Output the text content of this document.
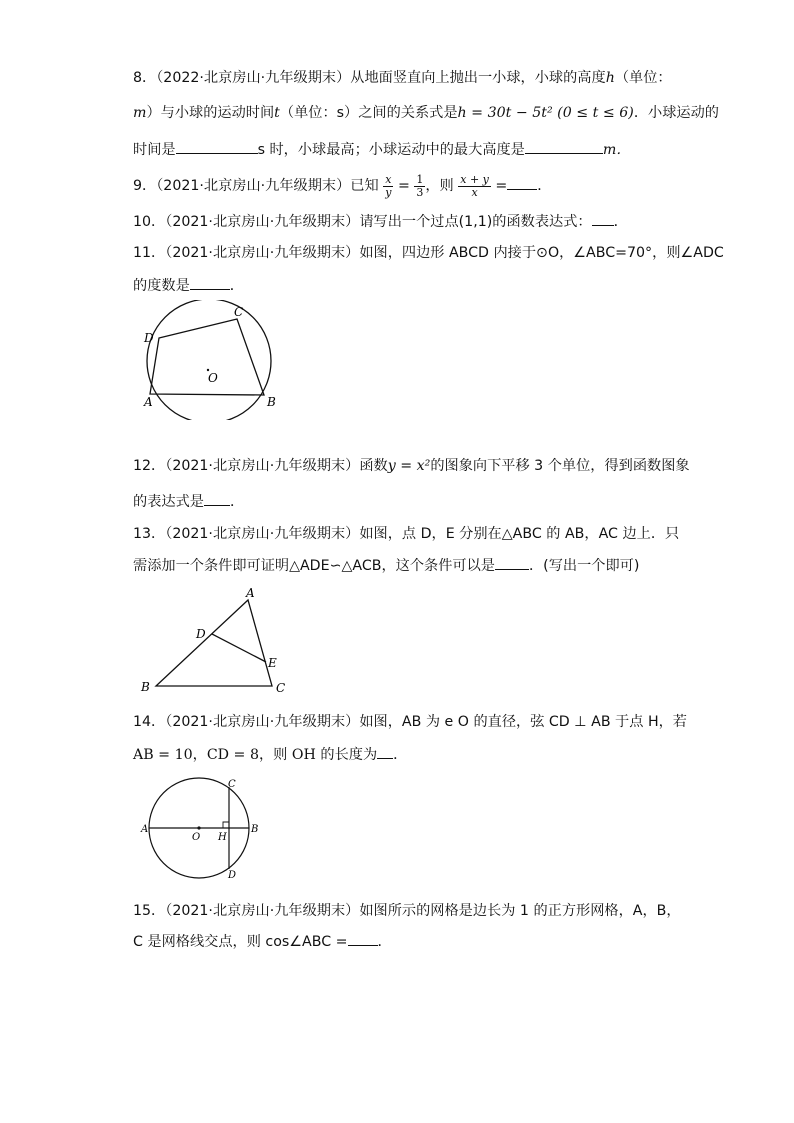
8．（2022·北京房山·九年级期末）从地面竖直向上抛出一小球，小球的高度h（单位：
m）与小球的运动时间t（单位：s）之间的关系式是h = 30t − 5t² (0 ≤ t ≤ 6)．小球运动的
时间是	s 时，小球最高；小球运动中的最大高度是	m．
9．（2021·北京房山·九年级期末）已知 $\frac{x}{y} = \frac{1}{3}$ ，则 $\frac{x + y}{x}$ = ．
10．（2021·北京房山·九年级期末）请写出一个过点(1,1)的函数表达式： ．
11．（2021·北京房山·九年级期末）如图，四边形 ABCD 内接于⊙O，∠ABC=70°，则∠ADC
的度数是	．
D
C
O
A	B
12．（2021·北京房山·九年级期末）函数y = x²的图象向下平移 3 个单位，得到函数图象
的表达式是 ．
13．（2021·北京房山·九年级期末）如图，点 D，E 分别在△ABC 的 AB，AC 边上．只
需添加一个条件即可证明△ADE∽△ACB，这个条件可以是 ．(写出一个即可)
A
D
E
B	C
14．（2021·北京房山·九年级期末）如图，AB 为 e O 的直径，弦 CD ⊥ AB 于点 H，若
AB = 10，CD = 8，则 OH 的长度为 ．
C
A	B
O H
D
15．（2021·北京房山·九年级期末）如图所示的网格是边长为 1 的正方形网格，A，B，
C 是网格线交点，则 cos∠ABC = ．
